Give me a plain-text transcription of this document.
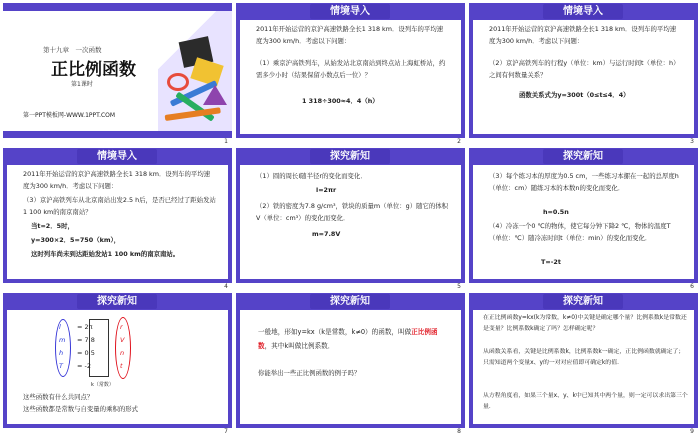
第十九章　一次函数
正比例函数
第1课时
第一PPT模板网-WWW.1PPT.COM
1
情境导入
2011年开始运营的京沪高速铁路全长1 318 km．设列车的平均速度为300 km/h．考虑以下问题：
（1）乘京沪高铁列车，从始发站北京南站到终点站上海虹桥站，约需多少小时（结果保留小数点后一位）？
1 318÷300≈4．4（h）
2
情境导入
2011年开始运营的京沪高速铁路全长1 318 km．设列车的平均速度为300 km/h．考虑以下问题：
（2）京沪高铁列车的行程y（单位：km）与运行时间t（单位：h）之间有何数量关系？
函数关系式为y=300t（0≤t≤4．4）
3
情境导入
2011年开始运营的京沪高速铁路全长1 318 km．设列车的平均速度为300 km/h．考虑以下问题：
（3）京沪高铁列车从北京南站出发2.5 h后，是否已经过了距始发站1 100 km的南京南站？
当t=2．5时，
y=300×2．5=750（km），
这时列车尚未到达距始发站1 100 km的南京南站。
4
探究新知
（1）圆的周长l随半径r的变化而变化．
l=2πr
（2）铁的密度为7.8 g/cm³，铁块的质量m（单位：g）随它的体积V（单位：cm³）的变化而变化．
m=7.8V
5
探究新知
（3）每个练习本的厚度为0.5 cm，一些练习本摞在一起的总厚度h（单位：cm）随练习本的本数n的变化而变化．
h=0.5n
（4）冷冻一个0 ℃的物体，使它每分钟下降2 ℃，物体的温度T（单位：℃）随冷冻时间t（单位：min）的变化而变化．
T=-2t
6
探究新知
l
m
h
T
= 2π
= 7.8
= 0.5
= -2
r
V
n
t
k（常数）
这些函数有什么共同点？
这些函数都是常数与自变量的乘积的形式
7
探究新知
一般地，形如y=kx（k是常数，k≠0）的函数，叫做正比例函数，其中k叫做比例系数．
你能举出一些正比例函数的例子吗？
8
探究新知
在正比例函数y=kx(k为常数，k≠0)中关键是确定哪个量？比例系数k是常数还是变量？比例系数k确定了吗？怎样确定呢？
从函数关系看，关键是比例系数k，比例系数k一确定，正比例函数就确定了；只需知道两个变量x、y的一对对应值即可确定k的值．
从方程角度看，如果三个量x、y、k中已知其中两个量，则一定可以求出第三个量．
9
